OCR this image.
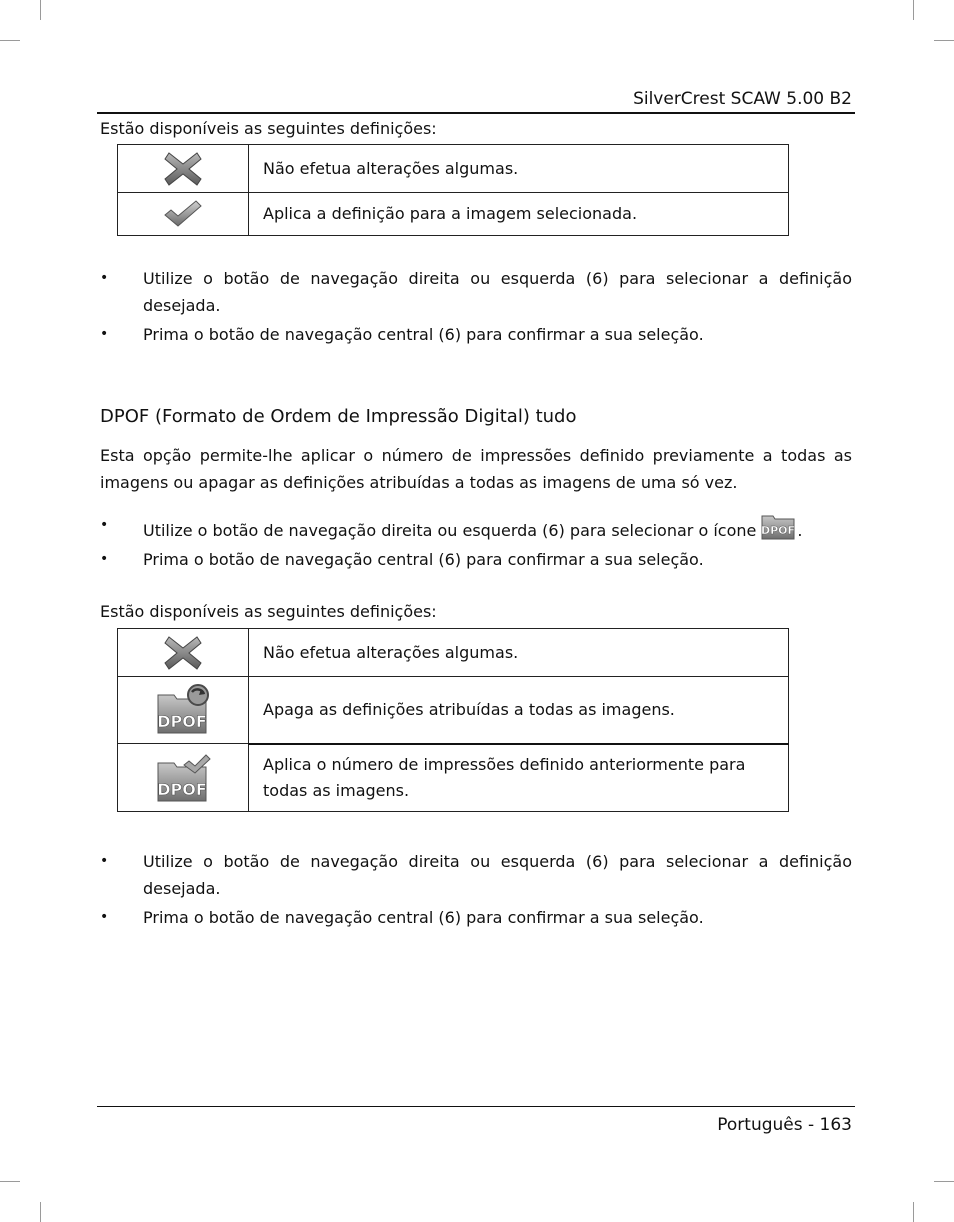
SilverCrest SCAW 5.00 B2
Estão disponíveis as seguintes definições:
	Não efetua alterações algumas.

	Aplica a definição para a imagem selecionada.
• Utilize o botão de navegação direita ou esquerda (6) para selecionar a definição desejada.
• Prima o botão de navegação central (6) para confirmar a sua seleção.
DPOF (Formato de Ordem de Impressão Digital) tudo
Esta opção permite-lhe aplicar o número de impressões definido previamente a todas as imagens ou apagar as definições atribuídas a todas as imagens de uma só vez.
• Utilize o botão de navegação direita ou esquerda (6) para selecionar o ícone DPOF .
• Prima o botão de navegação central (6) para confirmar a sua seleção.
Estão disponíveis as seguintes definições:
	Não efetua alterações algumas.

DPOF	Apaga as definições atribuídas a todas as imagens.

DPOF	Aplica o número de impressões definido anteriormente para todas as imagens.
• Utilize o botão de navegação direita ou esquerda (6) para selecionar a definição desejada.
• Prima o botão de navegação central (6) para confirmar a sua seleção.
Português - 163
